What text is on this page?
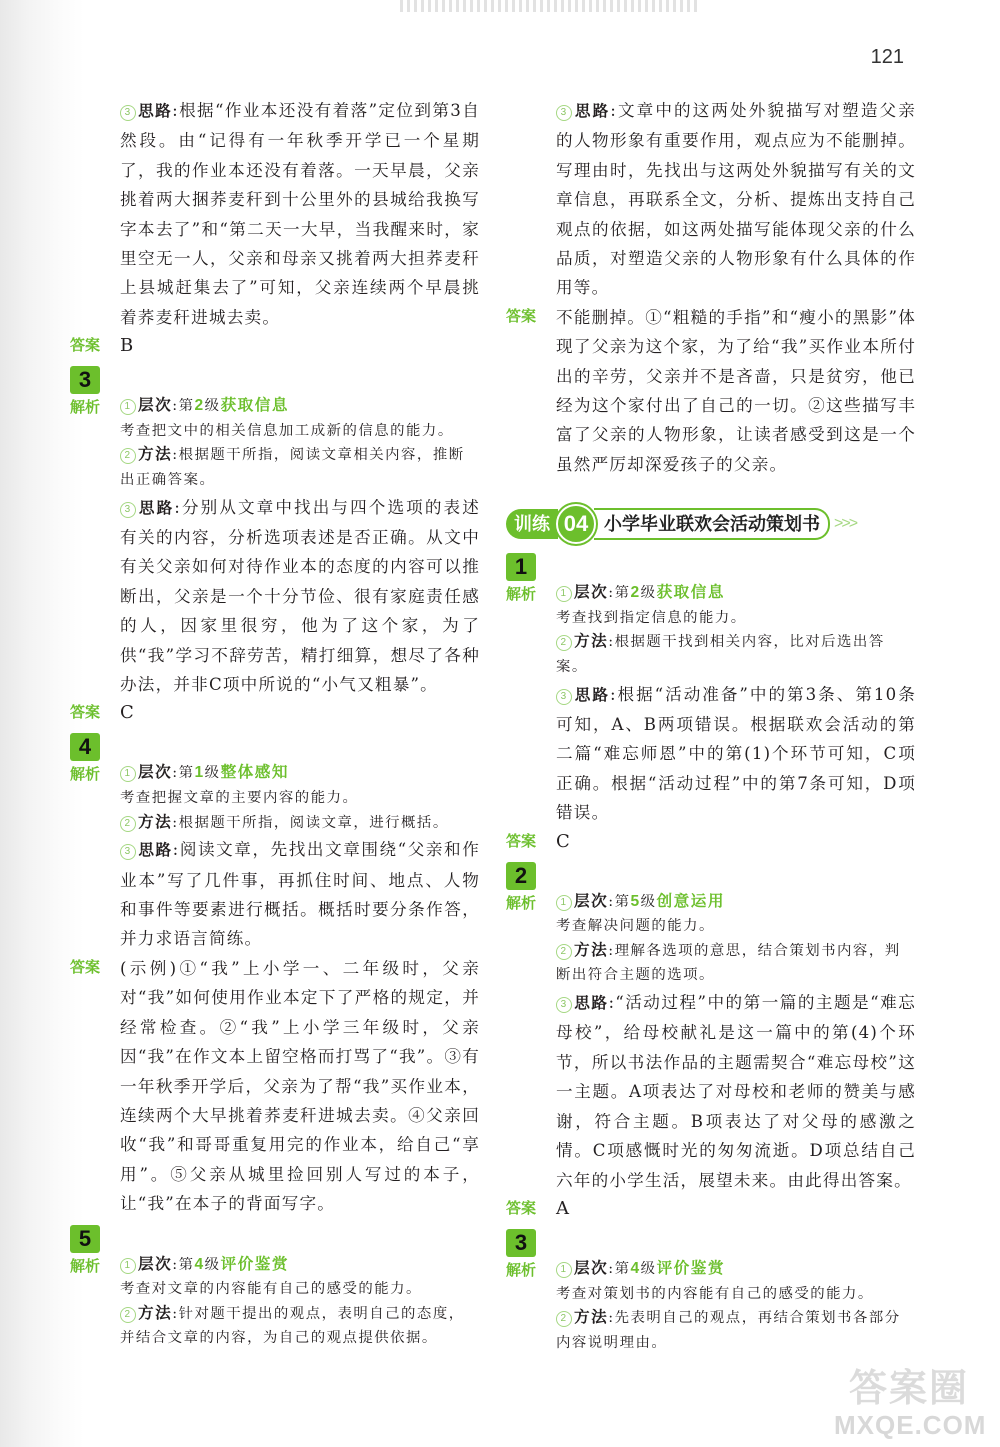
121
3 思路:根据“作业本还没有着落”定位到第3自然段。由“记得有一年秋季开学已一个星期了，我的作业本还没有着落。一天早晨，父亲挑着两大捆荞麦秆到十公里外的县城给我换写字本去了”和“第二天一大早，当我醒来时，家里空无一人，父亲和母亲又挑着两大担荞麦秆上县城赶集去了”可知，父亲连续两个早晨挑着荞麦秆进城去卖。
答案	B
3
解析	1 层次:第2级获取信息
考查把文中的相关信息加工成新的信息的能力。
2 方法:根据题干所指，阅读文章相关内容，推断出正确答案。
3 思路:分别从文章中找出与四个选项的表述有关的内容，分析选项表述是否正确。从文中有关父亲如何对待作业本的态度的内容可以推断出，父亲是一个十分节俭、很有家庭责任感的人，因家里很穷，他为了这个家，为了供“我”学习不辞劳苦，精打细算，想尽了各种办法，并非C项中所说的“小气又粗暴”。
答案	C
4
解析	1 层次:第1级整体感知
考查把握文章的主要内容的能力。
2 方法:根据题干所指，阅读文章，进行概括。
3 思路:阅读文章，先找出文章围绕“父亲和作业本”写了几件事，再抓住时间、地点、人物和事件等要素进行概括。概括时要分条作答，并力求语言简练。
答案	(示例)①“我”上小学一、二年级时，父亲对“我”如何使用作业本定下了严格的规定，并经常检查。②“我”上小学三年级时，父亲因“我”在作文本上留空格而打骂了“我”。③有一年秋季开学后，父亲为了帮“我”买作业本，连续两个大早挑着荞麦秆进城去卖。④父亲回收“我”和哥哥重复用完的作业本，给自己“享用”。⑤父亲从城里捡回别人写过的本子，让“我”在本子的背面写字。
5
解析	1 层次:第4级评价鉴赏
考查对文章的内容能有自己的感受的能力。
2 方法:针对题干提出的观点，表明自己的态度，并结合文章的内容，为自己的观点提供依据。
3 思路:文章中的这两处外貌描写对塑造父亲的人物形象有重要作用，观点应为不能删掉。写理由时，先找出与这两处外貌描写有关的文章信息，再联系全文，分析、提炼出支持自己观点的依据，如这两处描写能体现父亲的什么品质，对塑造父亲的人物形象有什么具体的作用等。
答案	不能删掉。①“粗糙的手指”和“瘦小的黑影”体现了父亲为这个家，为了给“我”买作业本所付出的辛劳，父亲并不是吝啬，只是贫穷，他已经为这个家付出了自己的一切。②这些描写丰富了父亲的人物形象，让读者感受到这是一个虽然严厉却深爱孩子的父亲。
训练 04 小学毕业联欢会活动策划书 >>>
1
解析	1 层次:第2级获取信息
考查找到指定信息的能力。
2 方法:根据题干找到相关内容，比对后选出答案。
3 思路:根据“活动准备”中的第3条、第10条可知，A、B两项错误。根据联欢会活动的第二篇“难忘师恩”中的第(1)个环节可知，C项正确。根据“活动过程”中的第7条可知，D项错误。
答案	C
2
解析	1 层次:第5级创意运用
考查解决问题的能力。
2 方法:理解各选项的意思，结合策划书内容，判断出符合主题的选项。
3 思路:“活动过程”中的第一篇的主题是“难忘母校”，给母校献礼是这一篇中的第(4)个环节，所以书法作品的主题需契合“难忘母校”这一主题。A项表达了对母校和老师的赞美与感谢，符合主题。B项表达了对父母的感激之情。C项感慨时光的匆匆流逝。D项总结自己六年的小学生活，展望未来。由此得出答案。
答案	A
3
解析	1 层次:第4级评价鉴赏
考查对策划书的内容能有自己的感受的能力。
2 方法:先表明自己的观点，再结合策划书各部分内容说明理由。
答案圈
MXQE.COM
